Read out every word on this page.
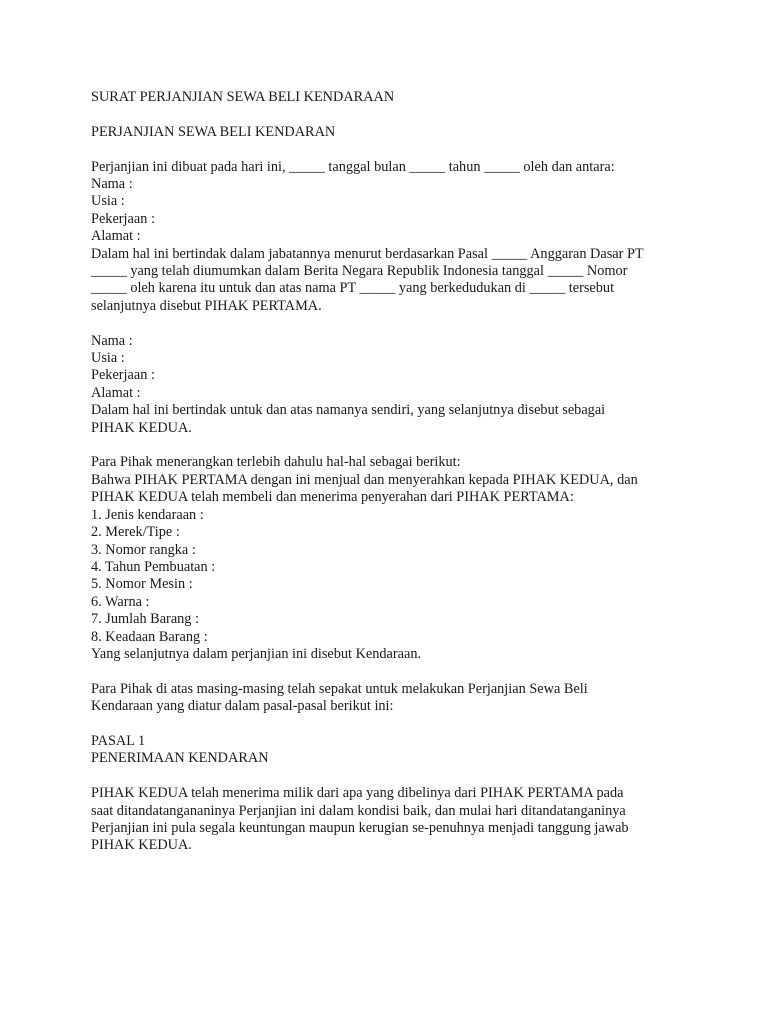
SURAT PERJANJIAN SEWA BELI KENDARAAN

PERJANJIAN SEWA BELI KENDARAN

Perjanjian ini dibuat pada hari ini, _____ tanggal bulan _____ tahun _____ oleh dan antara:

Nama :

Usia :

Pekerjaan :

Alamat :

Dalam hal ini bertindak dalam jabatannya menurut berdasarkan Pasal _____ Anggaran Dasar PT

_____ yang telah diumumkan dalam Berita Negara Republik Indonesia tanggal _____ Nomor

_____ oleh karena itu untuk dan atas nama PT _____ yang berkedudukan di _____ tersebut

selanjutnya disebut PIHAK PERTAMA.

Nama :

Usia :

Pekerjaan :

Alamat :

Dalam hal ini bertindak untuk dan atas namanya sendiri, yang selanjutnya disebut sebagai

PIHAK KEDUA.

Para Pihak menerangkan terlebih dahulu hal-hal sebagai berikut:

Bahwa PIHAK PERTAMA dengan ini menjual dan menyerahkan kepada PIHAK KEDUA, dan

PIHAK KEDUA telah membeli dan menerima penyerahan dari PIHAK PERTAMA:

1. Jenis kendaraan :

2. Merek/Tipe :

3. Nomor rangka :

4. Tahun Pembuatan :

5. Nomor Mesin :

6. Warna :

7. Jumlah Barang :

8. Keadaan Barang :

Yang selanjutnya dalam perjanjian ini disebut Kendaraan.

Para Pihak di atas masing-masing telah sepakat untuk melakukan Perjanjian Sewa Beli

Kendaraan yang diatur dalam pasal-pasal berikut ini:

PASAL 1

PENERIMAAN KENDARAN

PIHAK KEDUA telah menerima milik dari apa yang dibelinya dari PIHAK PERTAMA pada

saat ditandatangananinya Perjanjian ini dalam kondisi baik, dan mulai hari ditandatanganinya

Perjanjian ini pula segala keuntungan maupun kerugian se-penuhnya menjadi tanggung jawab

PIHAK KEDUA.
